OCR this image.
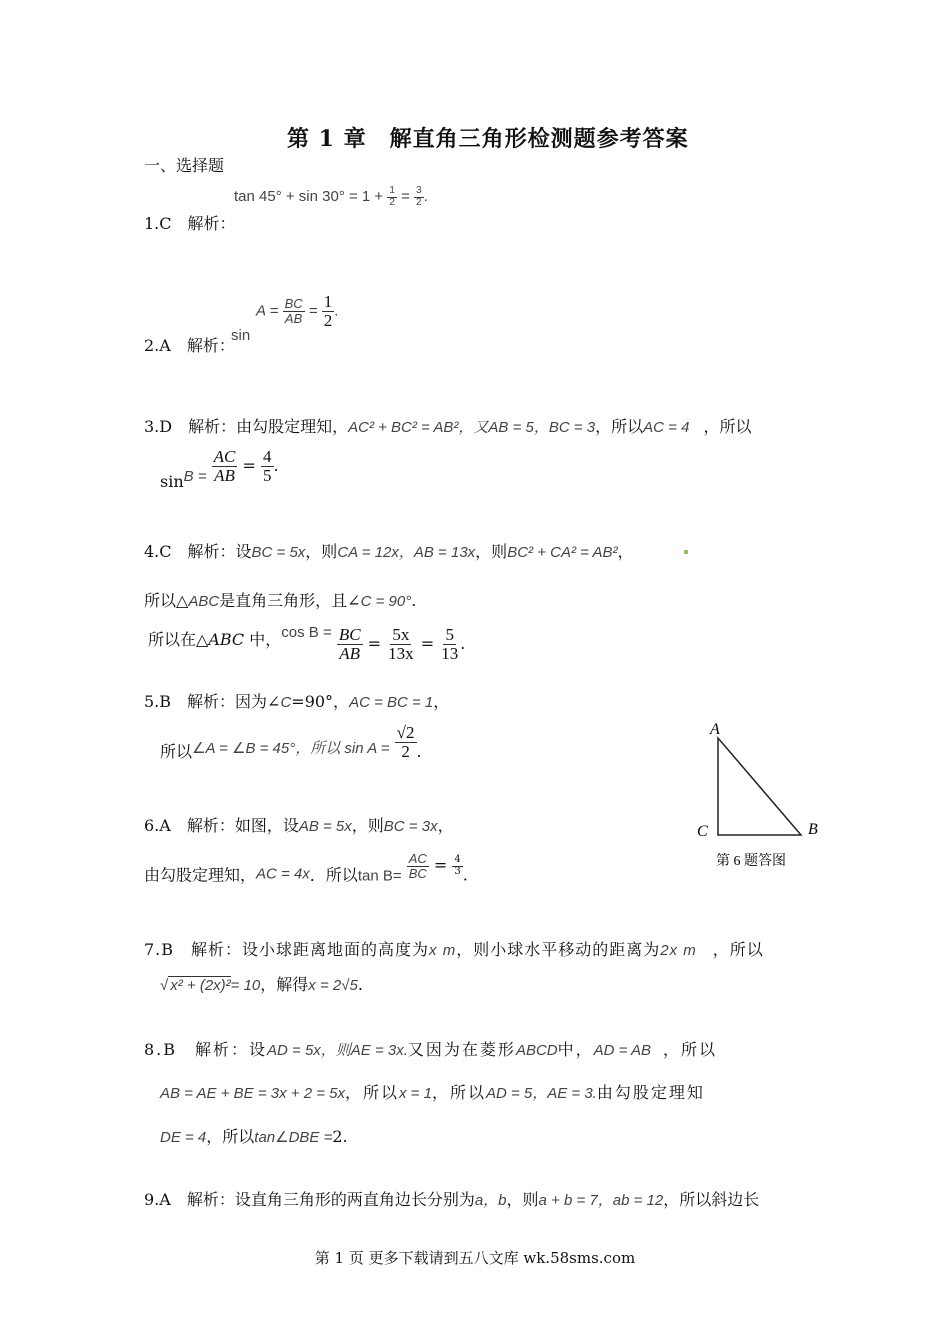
第 1 章　解直角三角形检测题参考答案
一、选择题
$\tan 45^\circ + \sin 30^\circ = 1 + \frac{1}{2} = \frac{3}{2}$ .
1.C　解析：
$A = \frac{BC}{AB} = \frac{1}{2}$ .
sin
2.A　解析：
3.D　解析：由勾股定理知，AC² + BC² = AB²，又AB = 5，BC = 3，所以AC = 4 ，所以
$\sin B = \frac{AC}{AB} = \frac{4}{5}$ .
4.C　解析：设BC = 5x，则CA = 12x，AB = 13x，则BC² + CA² = AB²，
所以△ABC是直角三角形，且∠C = 90°.
所以在△ABC 中，$\cos B = \frac{BC}{AB} = \frac{5x}{13x} = \frac{5}{13}$ .
5.B　解析：因为∠C=90°，AC = BC = 1，
所以∠A = ∠B = 45°，所以 $\sin A = \frac{√2}{2}$ .
6.A　解析：如图，设AB = 5x，则BC = 3x，
由勾股定理知，AC = 4x．所以$\tan B= \frac{AC}{BC} = \frac{4}{3}$ .
A
C	B
第 6 题答图
7.B　解析：设小球距离地面的高度为x m，则小球水平移动的距离为2x m ，所以
√ x² + (2x)²= 10，解得x = 2√5.
8.B　解析：设AD = 5x，则AE = 3x.又因为在菱形ABCD中，AD = AB ，所以
AB = AE + BE = 3x + 2 = 5x，所以x = 1，所以AD = 5，AE = 3.由勾股定理知
DE = 4，所以tan∠DBE =2.
9.A　解析：设直角三角形的两直角边长分别为a，b，则a + b = 7，ab = 12，所以斜边长
第 1 页 更多下载请到五八文库 wk.58sms.com
